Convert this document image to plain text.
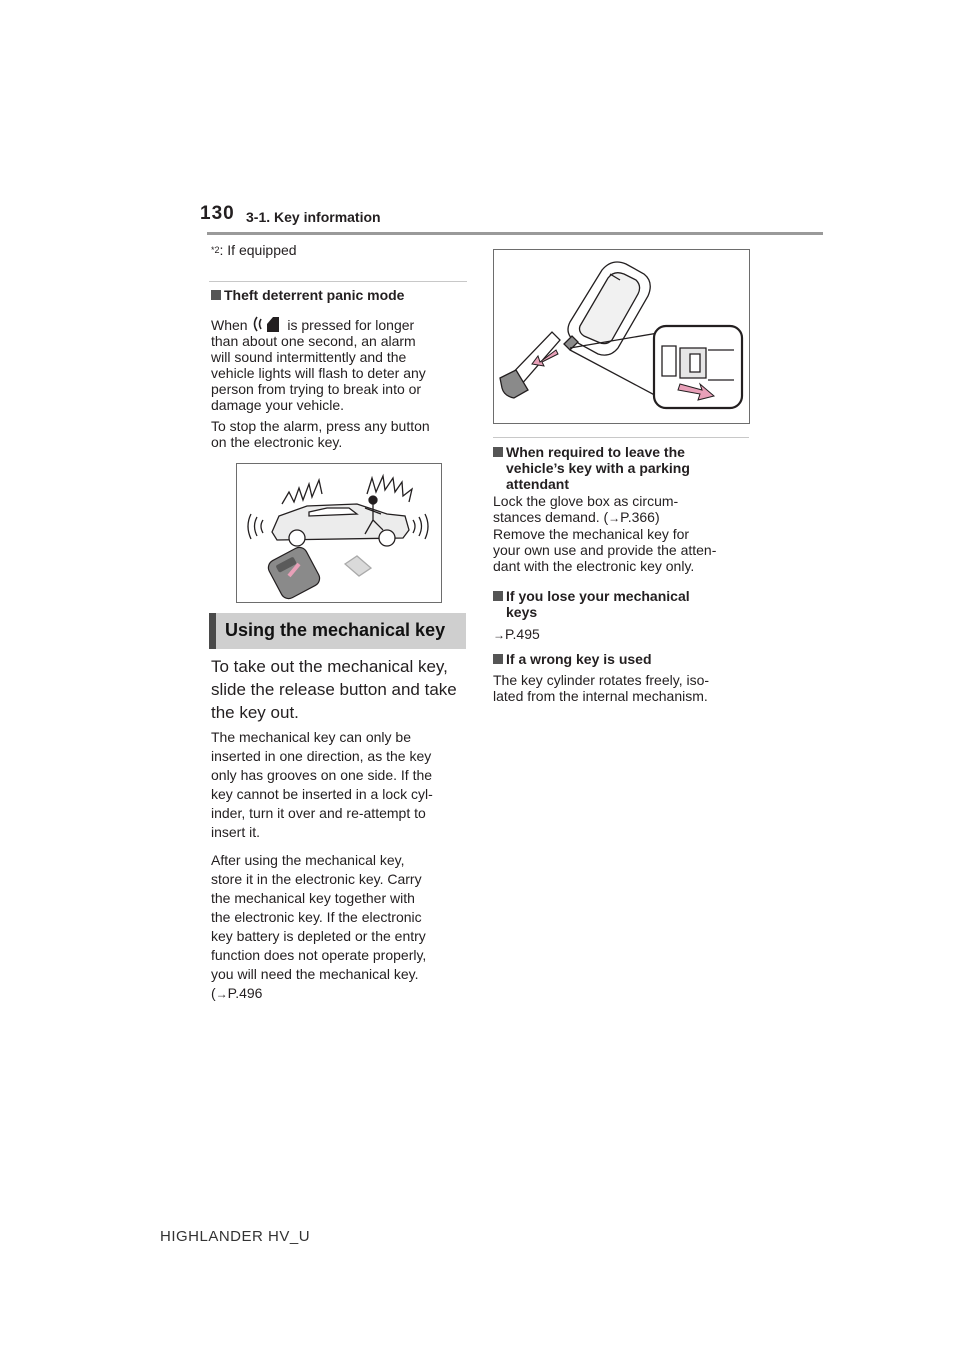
130 3-1. Key information
$^{*2}$: If equipped
Theft deterrent panic mode
When	is pressed for longer
than about one second, an alarm
will sound intermittently and the
vehicle lights will flash to deter any
person from trying to break into or
damage your vehicle.
To stop the alarm, press any button
on the electronic key.
Using the mechanical key
To take out the mechanical key,
slide the release button and take
the key out.
The mechanical key can only be
inserted in one direction, as the key
only has grooves on one side. If the
key cannot be inserted in a lock cyl-
inder, turn it over and re-attempt to
insert it.
After using the mechanical key,
store it in the electronic key. Carry
the mechanical key together with
the electronic key. If the electronic
key battery is depleted or the entry
function does not operate properly,
you will need the mechanical key.
(→P.496
When required to leave the
vehicle’s key with a parking
attendant
Lock the glove box as circum-
stances demand. (→P.366)
Remove the mechanical key for
your own use and provide the atten-
dant with the electronic key only.
If you lose your mechanical
keys
→P.495
If a wrong key is used
The key cylinder rotates freely, iso-
lated from the internal mechanism.
HIGHLANDER HV_U
